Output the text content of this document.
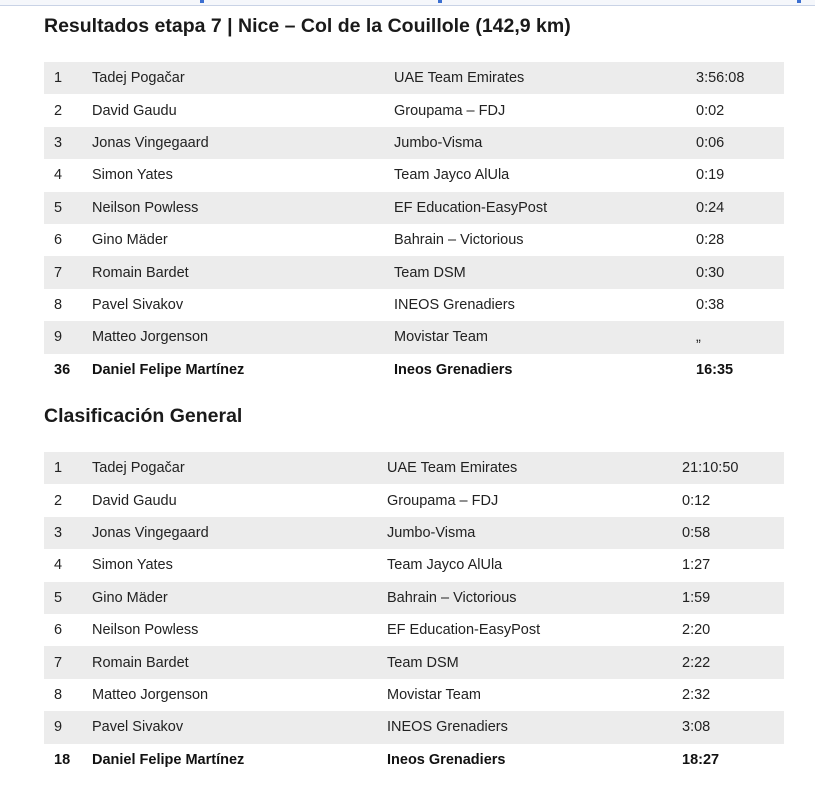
Resultados etapa 7 | Nice – Col de la Couillole (142,9 km)
1	Tadej Pogačar	UAE Team Emirates	3:56:08
2	David Gaudu	Groupama – FDJ	0:02
3	Jonas Vingegaard	Jumbo-Visma	0:06
4	Simon Yates	Team Jayco AlUla	0:19
5	Neilson Powless	EF Education-EasyPost	0:24
6	Gino Mäder	Bahrain – Victorious	0:28
7	Romain Bardet	Team DSM	0:30
8	Pavel Sivakov	INEOS Grenadiers	0:38
9	Matteo Jorgenson	Movistar Team	„
36	Daniel Felipe Martínez	Ineos Grenadiers	16:35
Clasificación General
1	Tadej Pogačar	UAE Team Emirates	21:10:50
2	David Gaudu	Groupama – FDJ	0:12
3	Jonas Vingegaard	Jumbo-Visma	0:58
4	Simon Yates	Team Jayco AlUla	1:27
5	Gino Mäder	Bahrain – Victorious	1:59
6	Neilson Powless	EF Education-EasyPost	2:20
7	Romain Bardet	Team DSM	2:22
8	Matteo Jorgenson	Movistar Team	2:32
9	Pavel Sivakov	INEOS Grenadiers	3:08
18	Daniel Felipe Martínez	Ineos Grenadiers	18:27
